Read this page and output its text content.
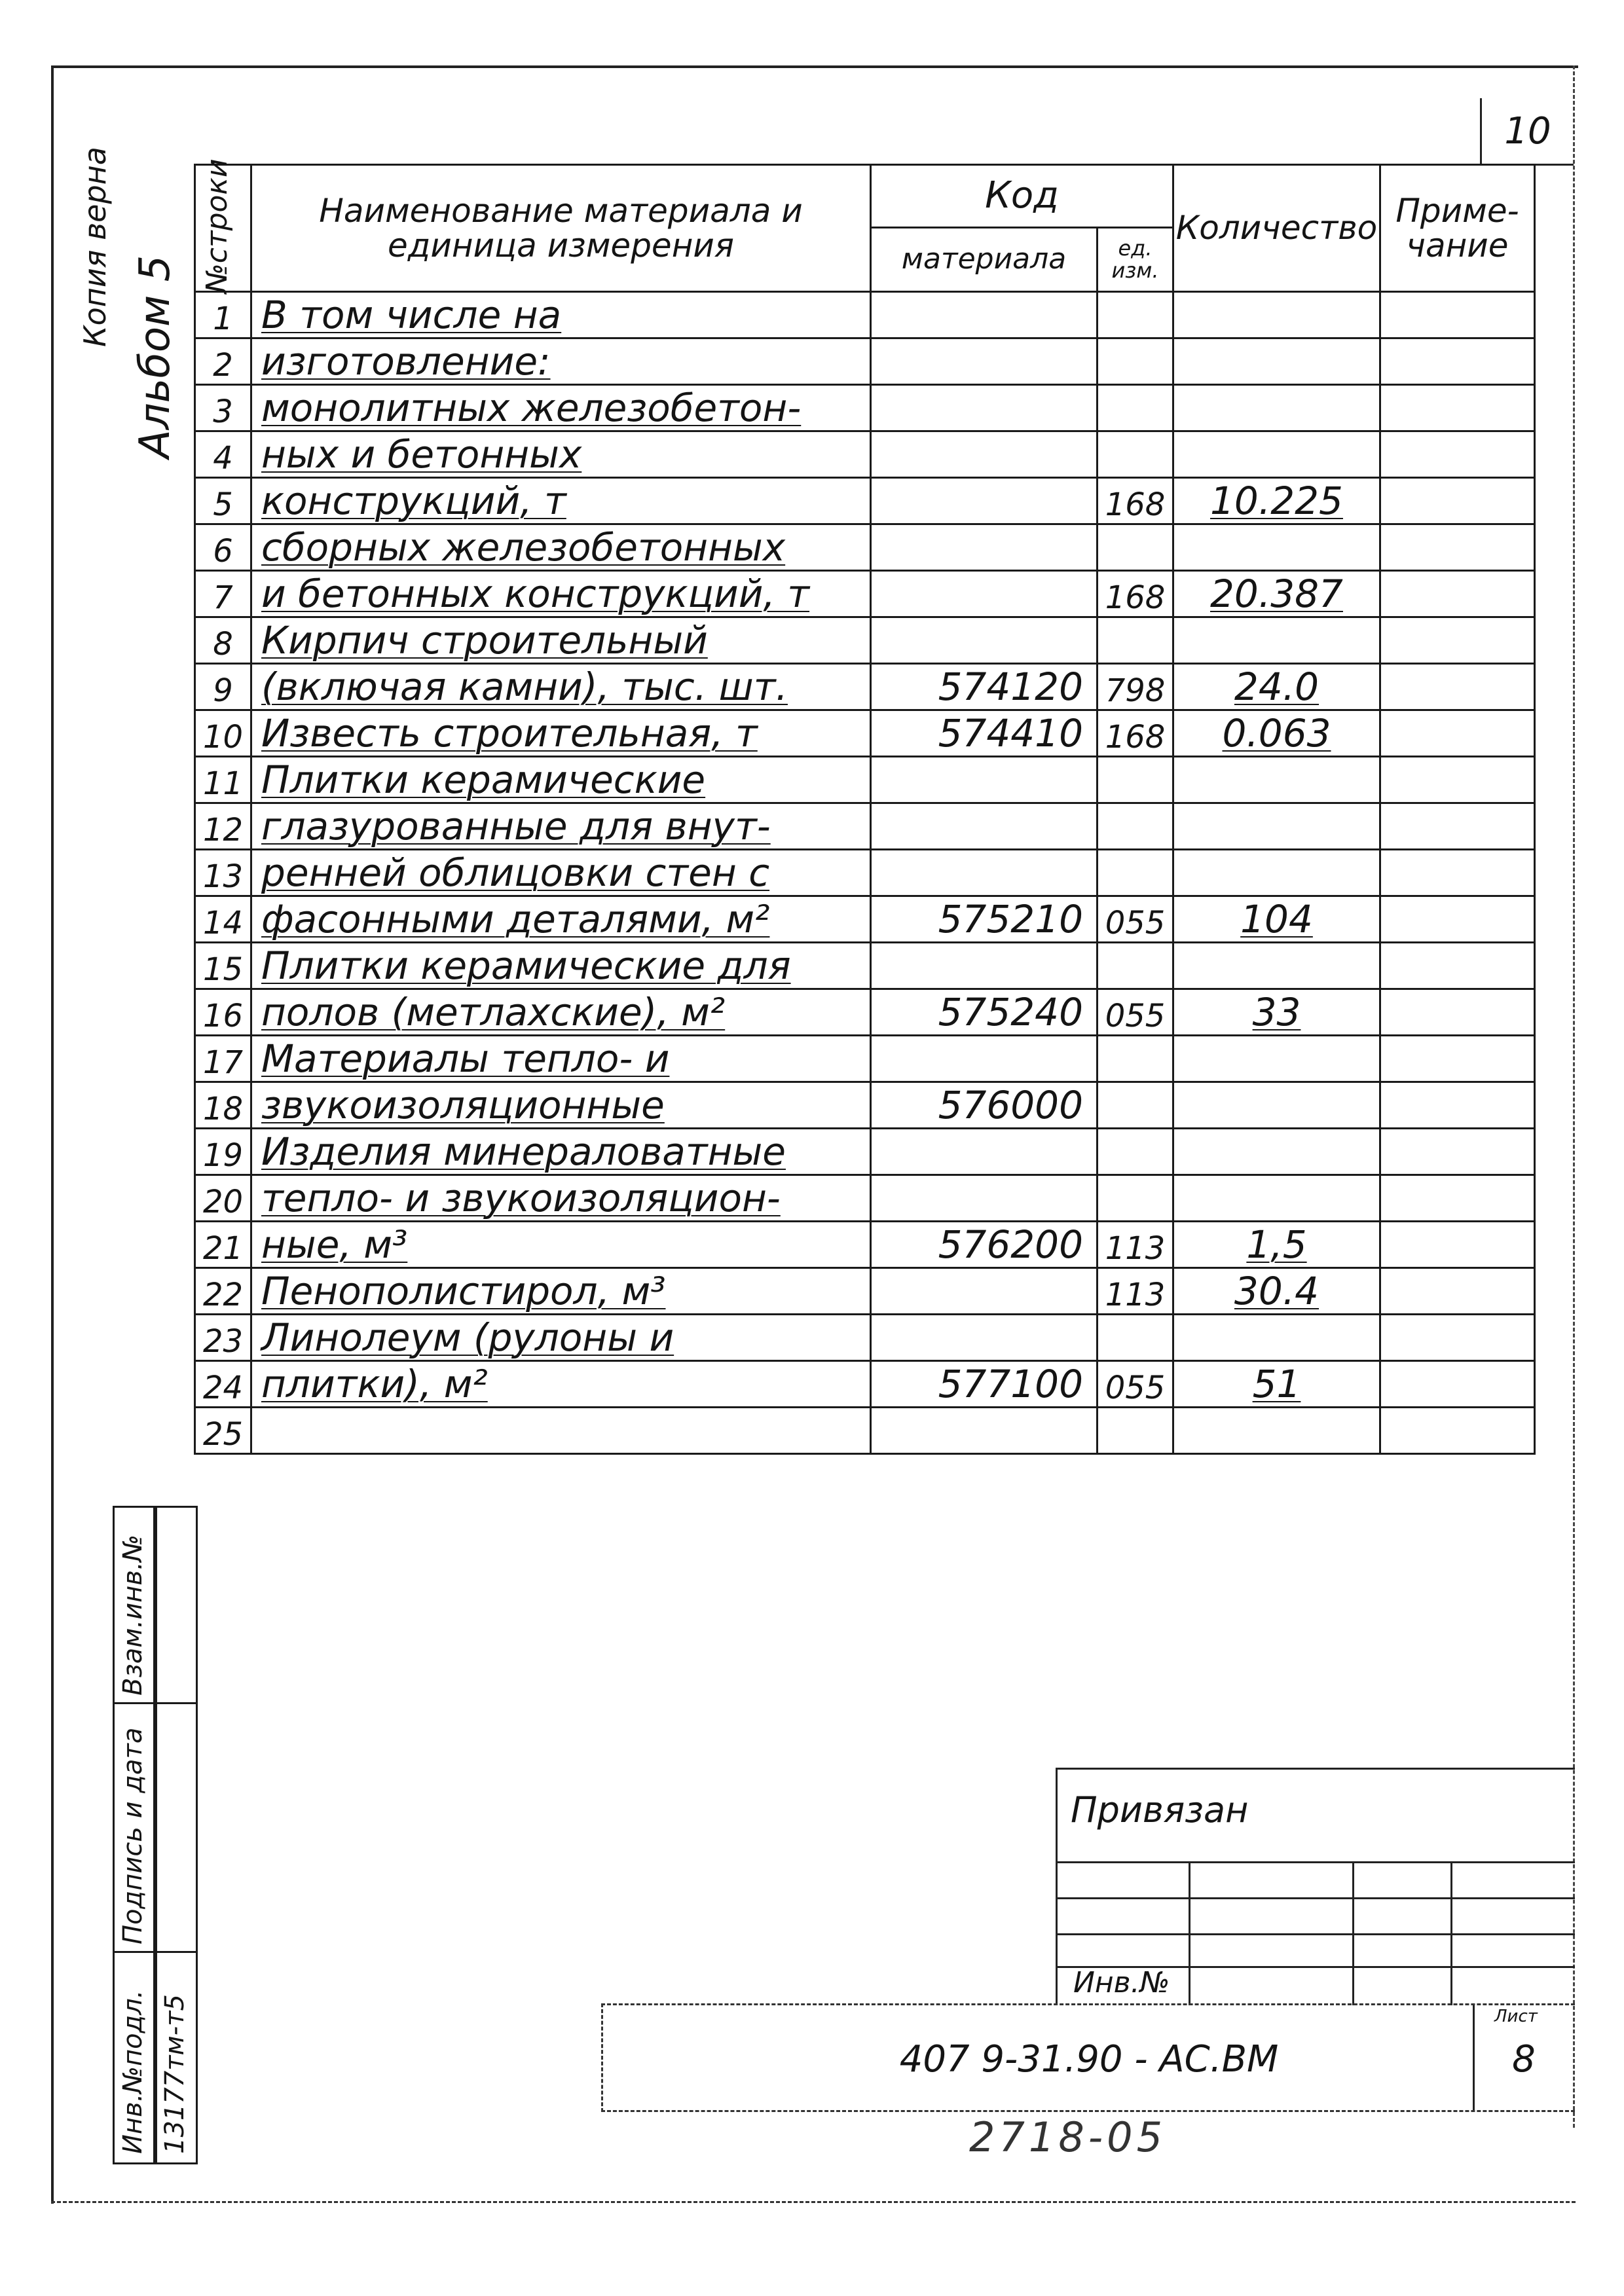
10
Копия верна
Альбом 5
№строки	Наименование материала и единица измерения	Код		Количество	Приме- чание
		материала	ед. изм.		
1	В том числе на				
2	изготовление:				
3	монолитных железобетон-				
4	ных и бетонных				
5	конструкций, т		168	10.225	
6	сборных железобетонных				
7	и бетонных конструкций, т		168	20.387	
8	Кирпич строительный				
9	(включая камни), тыс. шт.	574120	798	24.0	
10	Известь строительная, т	574410	168	0.063	
11	Плитки керамические				
12	глазурованные для внут-				
13	ренней облицовки стен с				
14	фасонными деталями, м²	575210	055	104	
15	Плитки керамические для				
16	полов (метлахские), м²	575240	055	33	
17	Материалы тепло- и				
18	звукоизоляционные	576000			
19	Изделия минераловатные				
20	тепло- и звукоизоляцион-				
21	ные, м³	576200	113	1,5	
22	Пенополистирол, м³		113	30.4	
23	Линолеум (рулоны и				
24	плитки), м²	577100	055	51	
25					
Взам.инв.№
Подпись и дата
Инв.№подл. 13177тм-т5
Привязан
Инв.№
407 9-31.90 - АС.ВМ
Лист
8
2718-05
